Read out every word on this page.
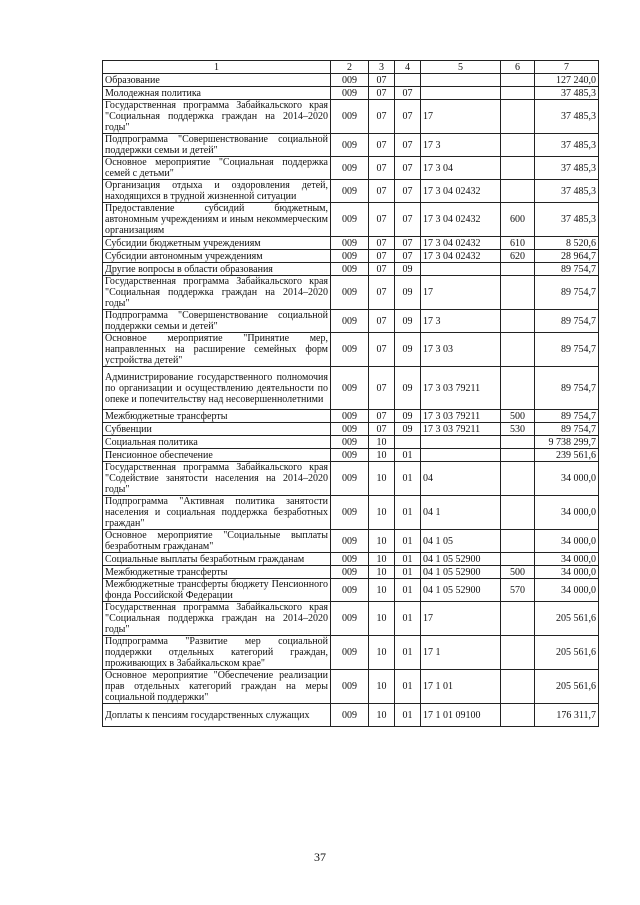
1	2	3	4	5	6	7
Образование	009	07				127 240,0
Молодежная политика	009	07	07			37 485,3
Государственная программа Забайкальского края "Социальная поддержка граждан на 2014–2020 годы"	009	07	07	17		37 485,3
Подпрограмма "Совершенствование социальной поддержки семьи и детей"	009	07	07	17 3		37 485,3
Основное мероприятие "Социальная поддержка семей с детьми"	009	07	07	17 3 04		37 485,3
Организация отдыха и оздоровления детей, находящихся в трудной жизненной ситуации	009	07	07	17 3 04 02432		37 485,3
Предоставление субсидий бюджетным, автономным учреждениям и иным некоммерческим организациям	009	07	07	17 3 04 02432	600	37 485,3
Субсидии бюджетным учреждениям	009	07	07	17 3 04 02432	610	8 520,6
Субсидии автономным учреждениям	009	07	07	17 3 04 02432	620	28 964,7
Другие вопросы в области образования	009	07	09			89 754,7
Государственная программа Забайкальского края "Социальная поддержка граждан на 2014–2020 годы"	009	07	09	17		89 754,7
Подпрограмма "Совершенствование социальной поддержки семьи и детей"	009	07	09	17 3		89 754,7
Основное мероприятие "Принятие мер, направленных на расширение семейных форм устройства детей"	009	07	09	17 3 03		89 754,7
Администрирование государственного полномочия по организации и осуществлению деятельности по опеке и попечительству над несовершеннолетними	009	07	09	17 3 03 79211		89 754,7
Межбюджетные трансферты	009	07	09	17 3 03 79211	500	89 754,7
Субвенции	009	07	09	17 3 03 79211	530	89 754,7
Социальная политика	009	10				9 738 299,7
Пенсионное обеспечение	009	10	01			239 561,6
Государственная программа Забайкальского края "Содействие занятости населения на 2014–2020 годы"	009	10	01	04		34 000,0
Подпрограмма "Активная политика занятости населения и социальная поддержка безработных граждан"	009	10	01	04 1		34 000,0
Основное мероприятие "Социальные выплаты безработным гражданам"	009	10	01	04 1 05		34 000,0
Социальные выплаты безработным гражданам	009	10	01	04 1 05 52900		34 000,0
Межбюджетные трансферты	009	10	01	04 1 05 52900	500	34 000,0
Межбюджетные трансферты бюджету Пенсионного фонда Российской Федерации	009	10	01	04 1 05 52900	570	34 000,0
Государственная программа Забайкальского края "Социальная поддержка граждан на 2014–2020 годы"	009	10	01	17		205 561,6
Подпрограмма "Развитие мер социальной поддержки отдельных категорий граждан, проживающих в Забайкальском крае"	009	10	01	17 1		205 561,6
Основное мероприятие "Обеспечение реализации прав отдельных категорий граждан на меры социальной поддержки"	009	10	01	17 1 01		205 561,6
Доплаты к пенсиям государственных служащих	009	10	01	17 1 01 09100		176 311,7
37
